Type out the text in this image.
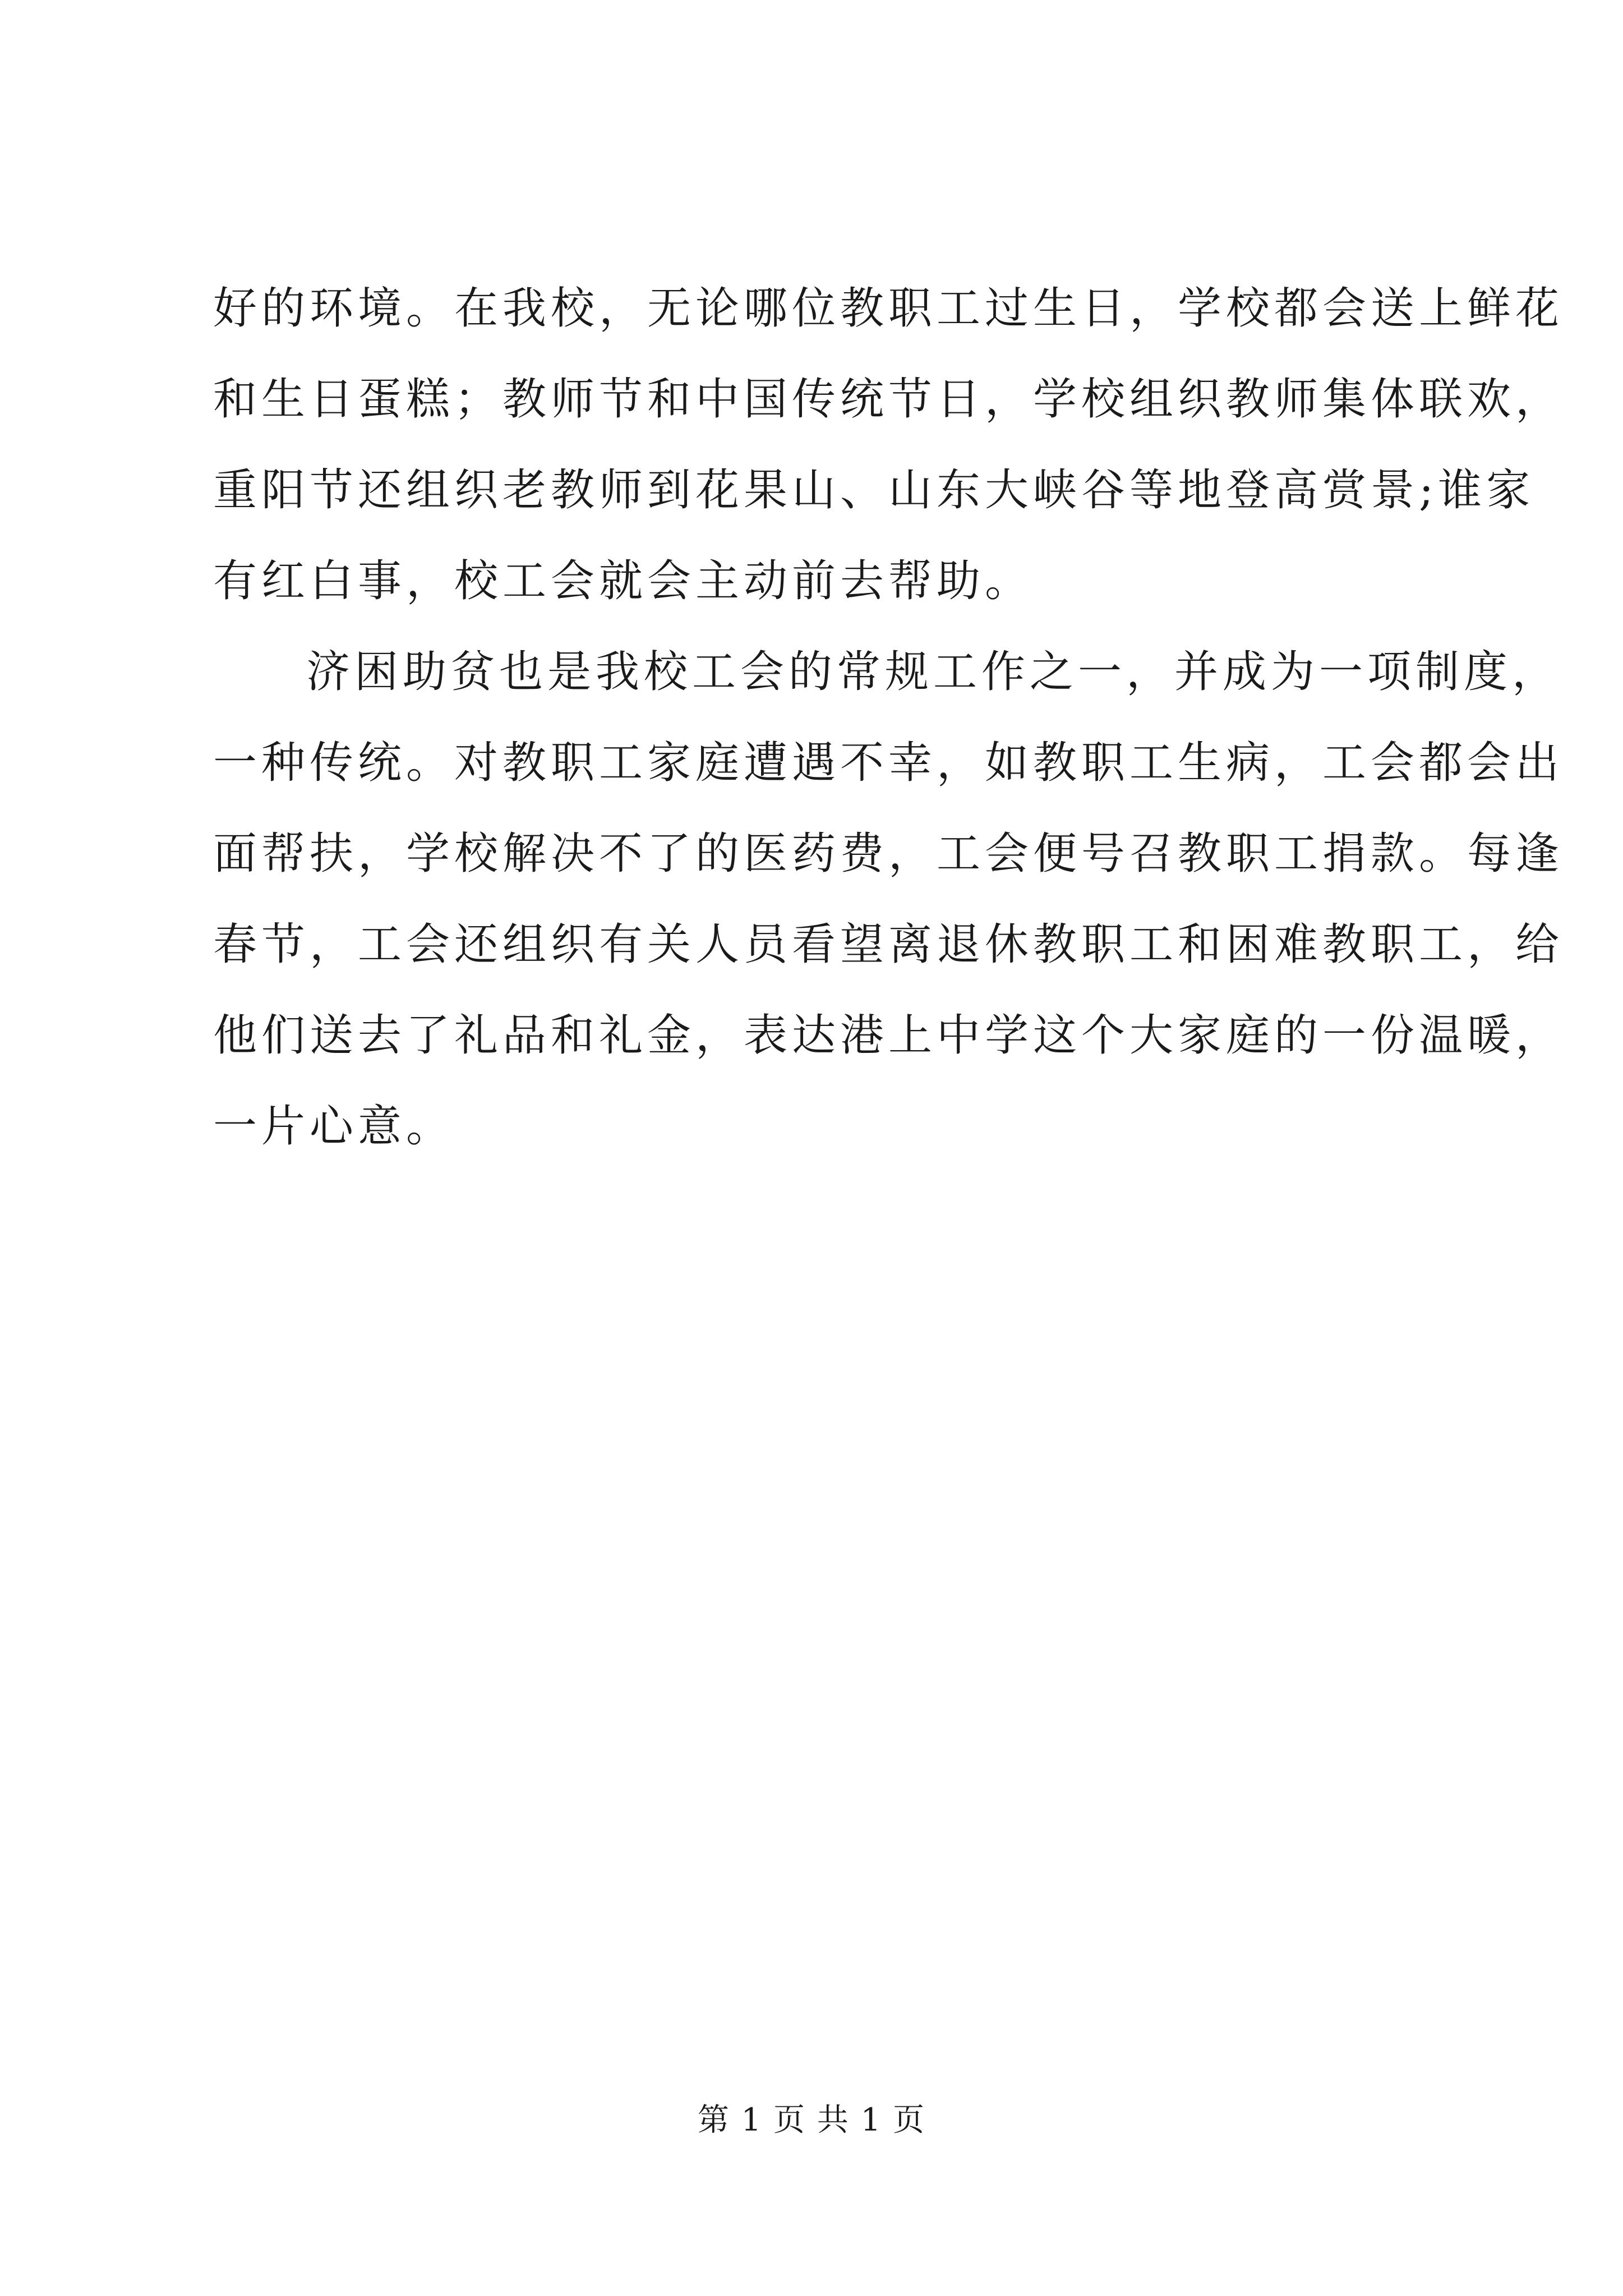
好的环境。在我校，无论哪位教职工过生日，学校都会送上鲜花
和生日蛋糕；教师节和中国传统节日，学校组织教师集体联欢，
重阳节还组织老教师到花果山、山东大峡谷等地登高赏景;谁家
有红白事，校工会就会主动前去帮助。
济困助贫也是我校工会的常规工作之一，并成为一项制度，
一种传统。对教职工家庭遭遇不幸，如教职工生病，工会都会出
面帮扶，学校解决不了的医药费，工会便号召教职工捐款。每逢
春节，工会还组织有关人员看望离退休教职工和困难教职工，给
他们送去了礼品和礼金，表达港上中学这个大家庭的一份温暖，
一片心意。
第 1 页 共 1 页
